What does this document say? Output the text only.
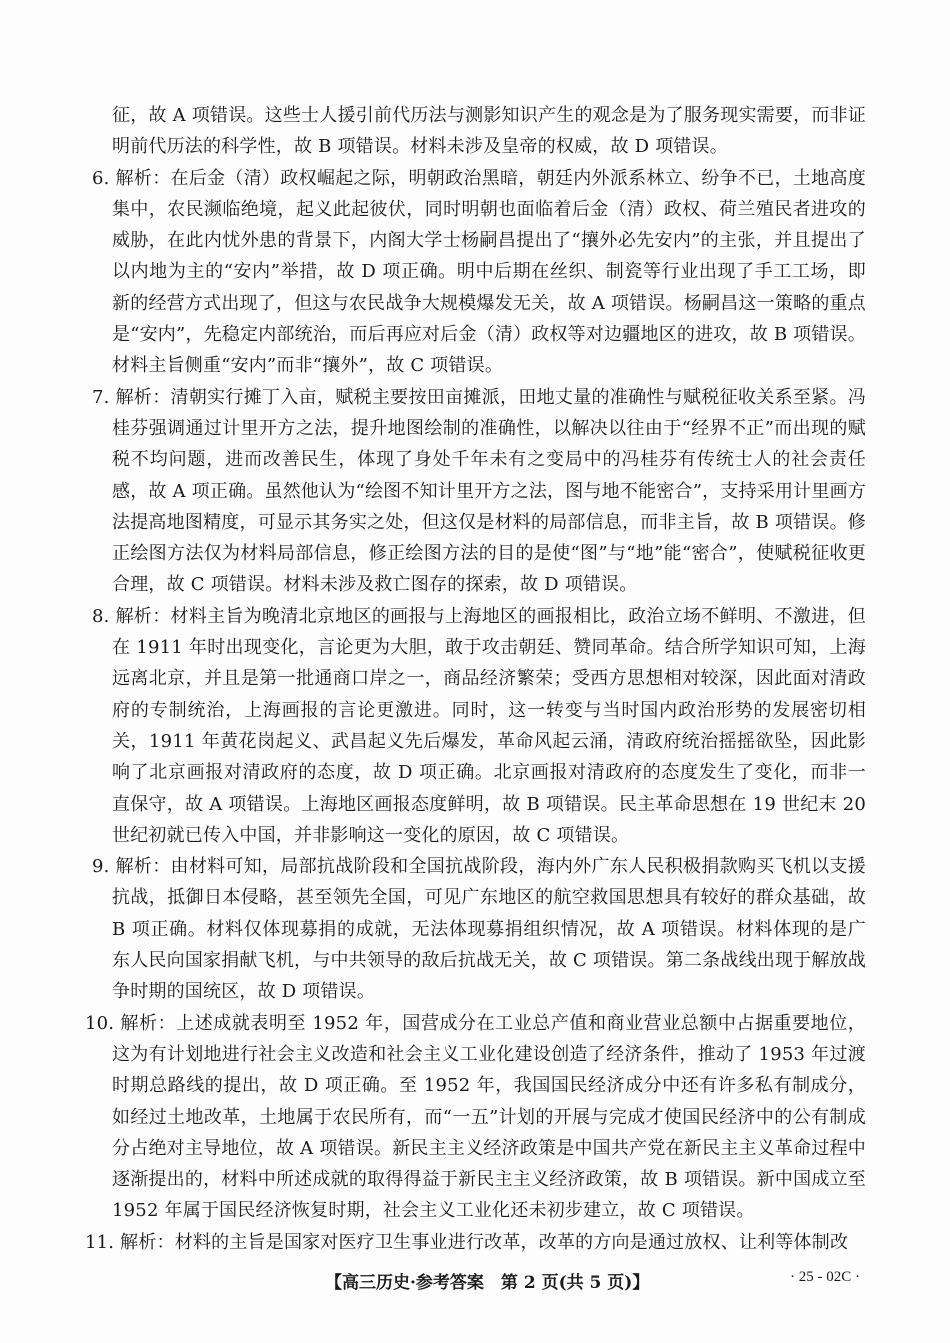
征，故 A 项错误。这些士人援引前代历法与测影知识产生的观念是为了服务现实需要，而非证明前代历法的科学性，故 B 项错误。材料未涉及皇帝的权威，故 D 项错误。

6. 解析：在后金（清）政权崛起之际，明朝政治黑暗，朝廷内外派系林立、纷争不已，土地高度集中，农民濒临绝境，起义此起彼伏，同时明朝也面临着后金（清）政权、荷兰殖民者进攻的威胁，在此内忧外患的背景下，内阁大学士杨嗣昌提出了“攘外必先安内”的主张，并且提出了以内地为主的“安内”举措，故 D 项正确。明中后期在丝织、制瓷等行业出现了手工工场，即新的经营方式出现了，但这与农民战争大规模爆发无关，故 A 项错误。杨嗣昌这一策略的重点是“安内”，先稳定内部统治，而后再应对后金（清）政权等对边疆地区的进攻，故 B 项错误。材料主旨侧重“安内”而非“攘外”，故 C 项错误。

7. 解析：清朝实行摊丁入亩，赋税主要按田亩摊派，田地丈量的准确性与赋税征收关系至紧。冯桂芬强调通过计里开方之法，提升地图绘制的准确性，以解决以往由于“经界不正”而出现的赋税不均问题，进而改善民生，体现了身处千年未有之变局中的冯桂芬有传统士人的社会责任感，故 A 项正确。虽然他认为“绘图不知计里开方之法，图与地不能密合”，支持采用计里画方法提高地图精度，可显示其务实之处，但这仅是材料的局部信息，而非主旨，故 B 项错误。修正绘图方法仅为材料局部信息，修正绘图方法的目的是使“图”与“地”能“密合”，使赋税征收更合理，故 C 项错误。材料未涉及救亡图存的探索，故 D 项错误。

8. 解析：材料主旨为晚清北京地区的画报与上海地区的画报相比，政治立场不鲜明、不激进，但在 1911 年时出现变化，言论更为大胆，敢于攻击朝廷、赞同革命。结合所学知识可知，上海远离北京，并且是第一批通商口岸之一，商品经济繁荣；受西方思想相对较深，因此面对清政府的专制统治，上海画报的言论更激进。同时，这一转变与当时国内政治形势的发展密切相关，1911 年黄花岗起义、武昌起义先后爆发，革命风起云涌，清政府统治摇摇欲坠，因此影响了北京画报对清政府的态度，故 D 项正确。北京画报对清政府的态度发生了变化，而非一直保守，故 A 项错误。上海地区画报态度鲜明，故 B 项错误。民主革命思想在 19 世纪末 20 世纪初就已传入中国，并非影响这一变化的原因，故 C 项错误。

9. 解析：由材料可知，局部抗战阶段和全国抗战阶段，海内外广东人民积极捐款购买飞机以支援抗战，抵御日本侵略，甚至领先全国，可见广东地区的航空救国思想具有较好的群众基础，故 B 项正确。材料仅体现募捐的成就，无法体现募捐组织情况，故 A 项错误。材料体现的是广东人民向国家捐献飞机，与中共领导的敌后抗战无关，故 C 项错误。第二条战线出现于解放战争时期的国统区，故 D 项错误。

10. 解析：上述成就表明至 1952 年，国营成分在工业总产值和商业营业总额中占据重要地位，这为有计划地进行社会主义改造和社会主义工业化建设创造了经济条件，推动了 1953 年过渡时期总路线的提出，故 D 项正确。至 1952 年，我国国民经济成分中还有许多私有制成分，如经过土地改革，土地属于农民所有，而“一五”计划的开展与完成才使国民经济中的公有制成分占绝对主导地位，故 A 项错误。新民主主义经济政策是中国共产党在新民主主义革命过程中逐渐提出的，材料中所述成就的取得得益于新民主主义经济政策，故 B 项错误。新中国成立至 1952 年属于国民经济恢复时期，社会主义工业化还未初步建立，故 C 项错误。

11. 解析：材料的主旨是国家对医疗卫生事业进行改革，改革的方向是通过放权、让利等体制改

【高三历史·参考答案　第 2 页(共 5 页)】	· 25 - 02C ·
